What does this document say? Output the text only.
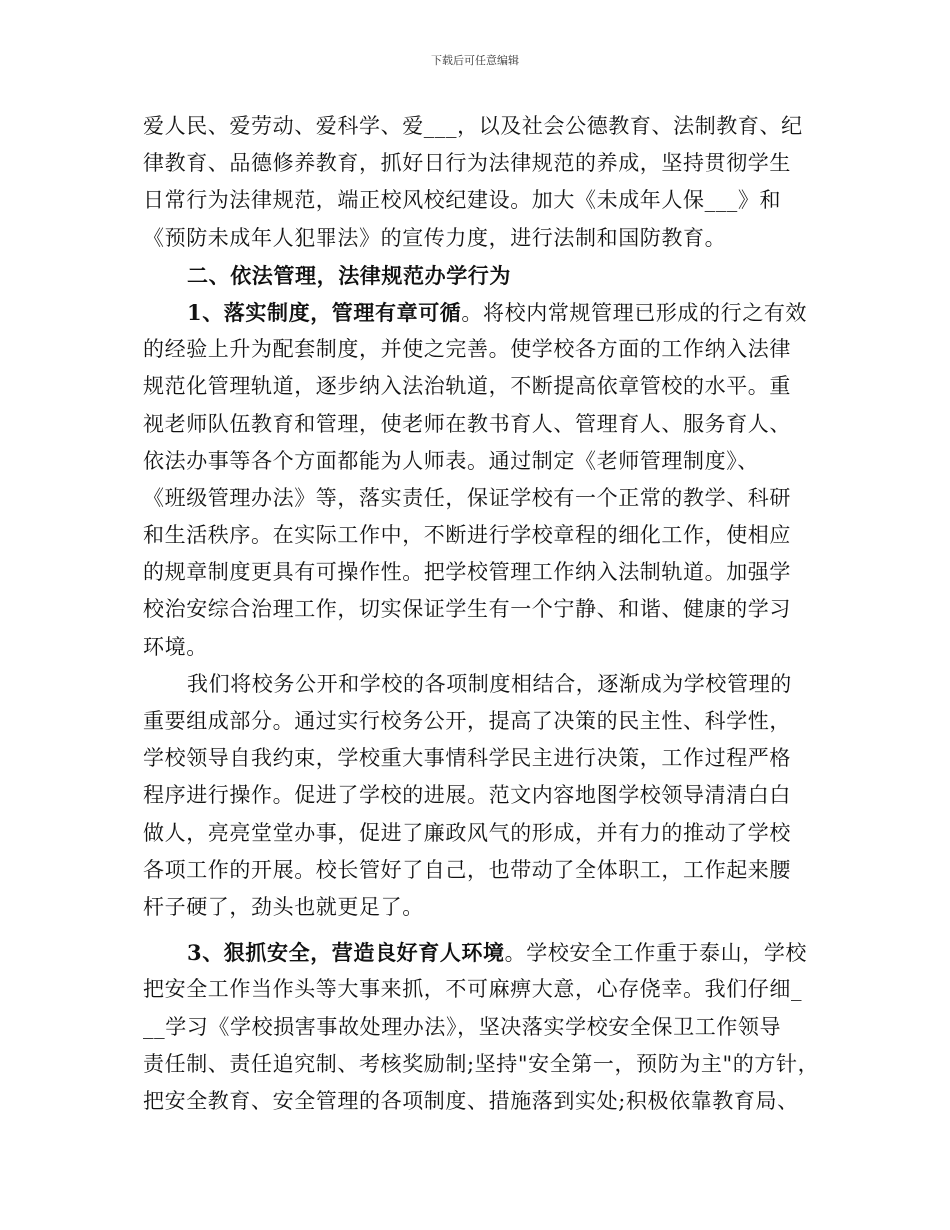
下载后可任意编辑
爱人民、爱劳动、爱科学、爱___，以及社会公德教育、法制教育、纪
律教育、品德修养教育，抓好日行为法律规范的养成，坚持贯彻学生
日常行为法律规范，端正校风校纪建设。加大《未成年人保___》和
《预防未成年人犯罪法》的宣传力度，进行法制和国防教育。
二、依法管理，法律规范办学行为
1、落实制度，管理有章可循。将校内常规管理已形成的行之有效
的经验上升为配套制度，并使之完善。使学校各方面的工作纳入法律
规范化管理轨道，逐步纳入法治轨道，不断提高依章管校的水平。重
视老师队伍教育和管理，使老师在教书育人、管理育人、服务育人、
依法办事等各个方面都能为人师表。通过制定《老师管理制度》、
《班级管理办法》等，落实责任，保证学校有一个正常的教学、科研
和生活秩序。在实际工作中，不断进行学校章程的细化工作，使相应
的规章制度更具有可操作性。把学校管理工作纳入法制轨道。加强学
校治安综合治理工作，切实保证学生有一个宁静、和谐、健康的学习
环境。
我们将校务公开和学校的各项制度相结合，逐渐成为学校管理的
重要组成部分。通过实行校务公开，提高了决策的民主性、科学性，
学校领导自我约束，学校重大事情科学民主进行决策，工作过程严格
程序进行操作。促进了学校的进展。范文内容地图学校领导清清白白
做人，亮亮堂堂办事，促进了廉政风气的形成，并有力的推动了学校
各项工作的开展。校长管好了自己，也带动了全体职工，工作起来腰
杆子硬了，劲头也就更足了。
3、狠抓安全，营造良好育人环境。学校安全工作重于泰山，学校
把安全工作当作头等大事来抓，不可麻痹大意，心存侥幸。我们仔细_
__学习《学校损害事故处理办法》，坚决落实学校安全保卫工作领导
责任制、责任追究制、考核奖励制;坚持"安全第一，预防为主"的方针，
把安全教育、安全管理的各项制度、措施落到实处;积极依靠教育局、
